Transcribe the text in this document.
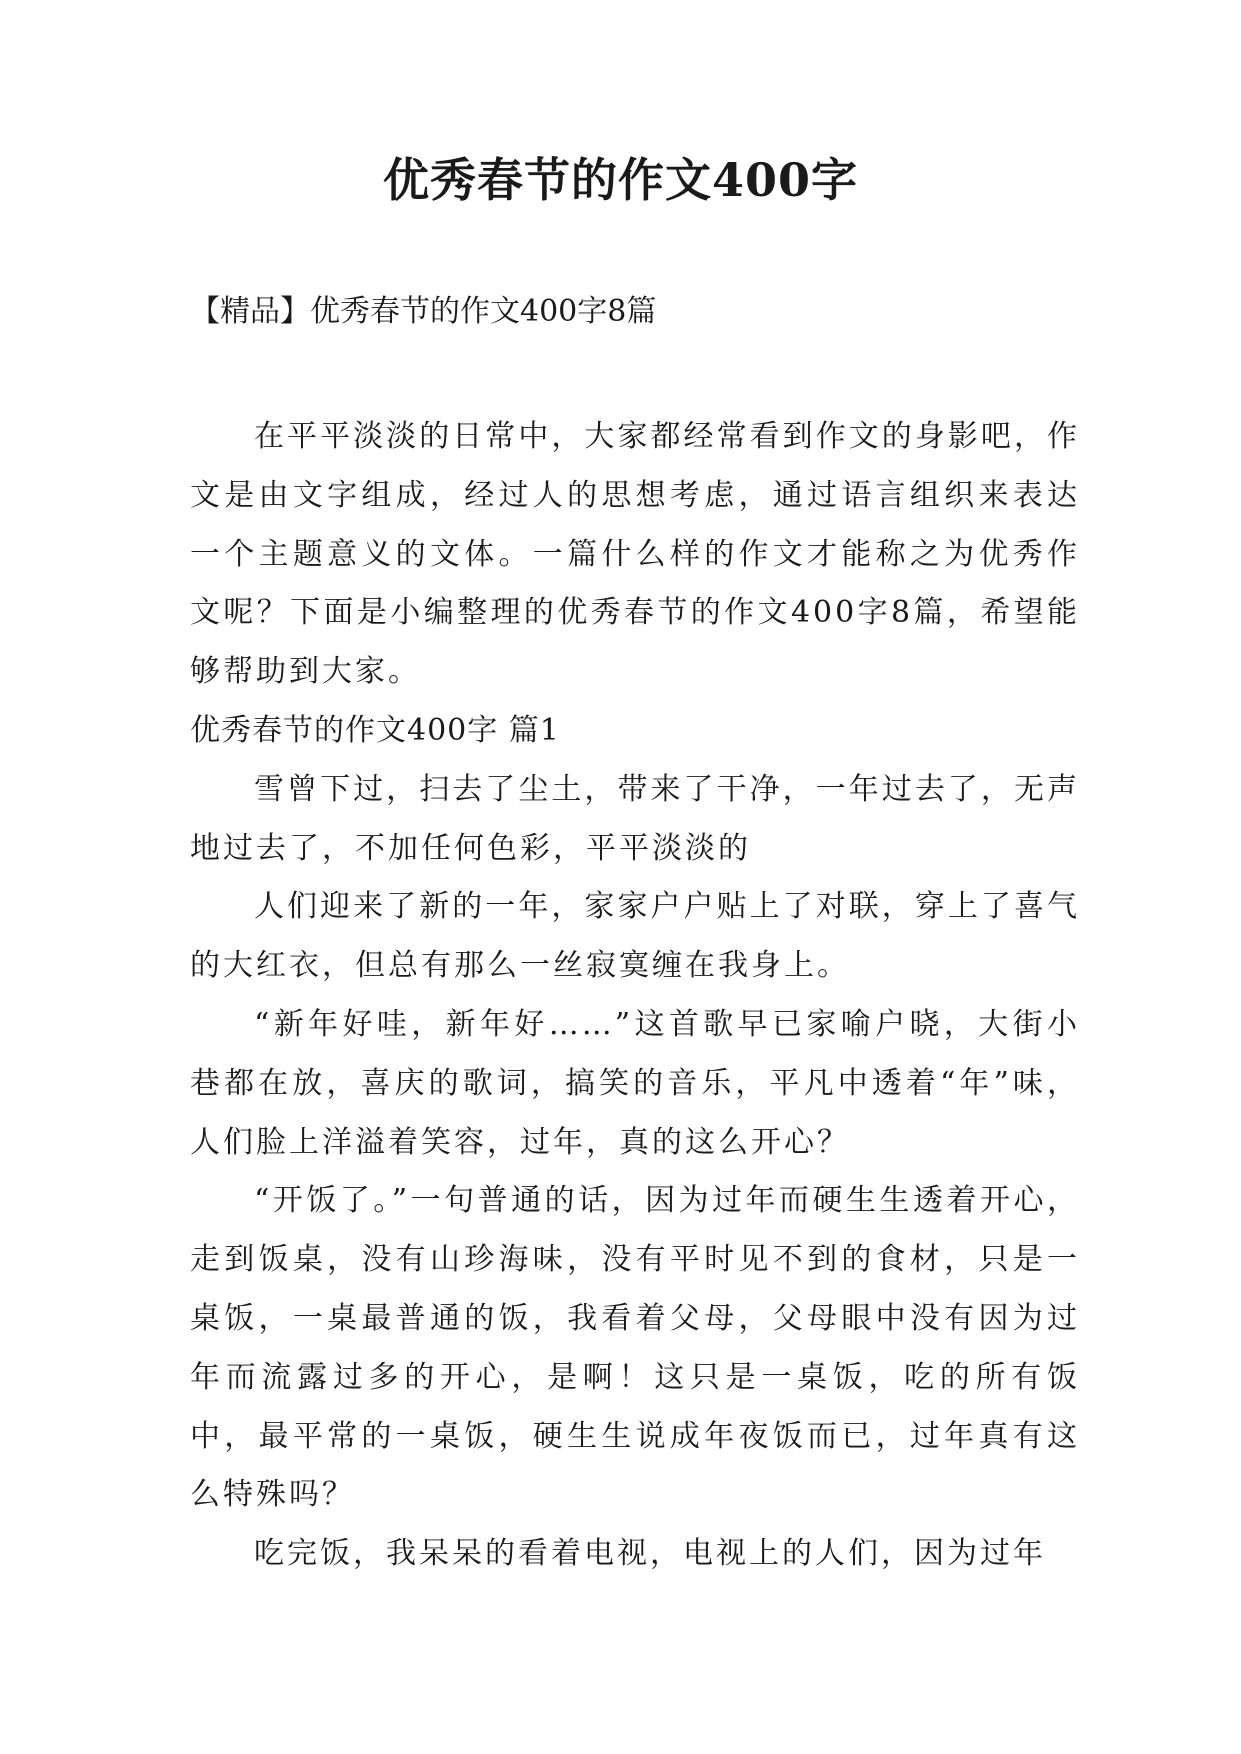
优秀春节的作文400字

【精品】优秀春节的作文400字8篇

在平平淡淡的日常中，大家都经常看到作文的身影吧，作文是由文字组成，经过人的思想考虑，通过语言组织来表达一个主题意义的文体。一篇什么样的作文才能称之为优秀作文呢？下面是小编整理的优秀春节的作文400字8篇，希望能够帮助到大家。

优秀春节的作文400字 篇1

雪曾下过，扫去了尘土，带来了干净，一年过去了，无声地过去了，不加任何色彩，平平淡淡的

人们迎来了新的一年，家家户户贴上了对联，穿上了喜气的大红衣，但总有那么一丝寂寞缠在我身上。

“新年好哇，新年好……”这首歌早已家喻户晓，大街小巷都在放，喜庆的歌词，搞笑的音乐，平凡中透着“年”味，人们脸上洋溢着笑容，过年，真的这么开心？

“开饭了。”一句普通的话，因为过年而硬生生透着开心，走到饭桌，没有山珍海味，没有平时见不到的食材，只是一桌饭，一桌最普通的饭，我看着父母，父母眼中没有因为过年而流露过多的开心，是啊！这只是一桌饭，吃的所有饭中，最平常的一桌饭，硬生生说成年夜饭而已，过年真有这么特殊吗？

吃完饭，我呆呆的看着电视，电视上的人们，因为过年
